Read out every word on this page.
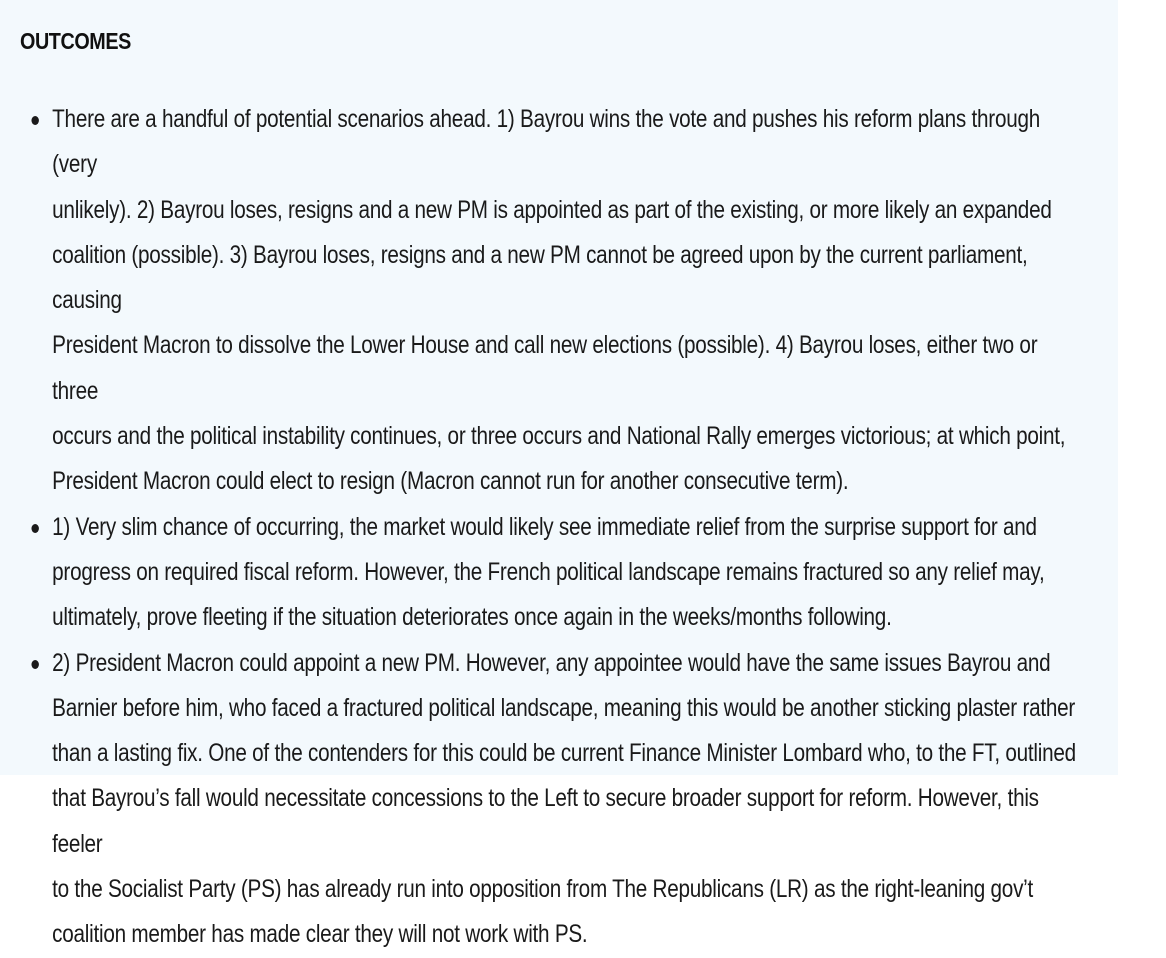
OUTCOMES
There are a handful of potential scenarios ahead. 1) Bayrou wins the vote and pushes his reform plans through (very
unlikely). 2) Bayrou loses, resigns and a new PM is appointed as part of the existing, or more likely an expanded
coalition (possible). 3) Bayrou loses, resigns and a new PM cannot be agreed upon by the current parliament, causing
President Macron to dissolve the Lower House and call new elections (possible). 4) Bayrou loses, either two or three
occurs and the political instability continues, or three occurs and National Rally emerges victorious; at which point,
President Macron could elect to resign (Macron cannot run for another consecutive term).
1) Very slim chance of occurring, the market would likely see immediate relief from the surprise support for and
progress on required fiscal reform. However, the French political landscape remains fractured so any relief may,
ultimately, prove fleeting if the situation deteriorates once again in the weeks/months following.
2) President Macron could appoint a new PM. However, any appointee would have the same issues Bayrou and
Barnier before him, who faced a fractured political landscape, meaning this would be another sticking plaster rather
than a lasting fix. One of the contenders for this could be current Finance Minister Lombard who, to the FT, outlined
that Bayrou’s fall would necessitate concessions to the Left to secure broader support for reform. However, this feeler
to the Socialist Party (PS) has already run into opposition from The Republicans (LR) as the right-leaning gov’t
coalition member has made clear they will not work with PS.
